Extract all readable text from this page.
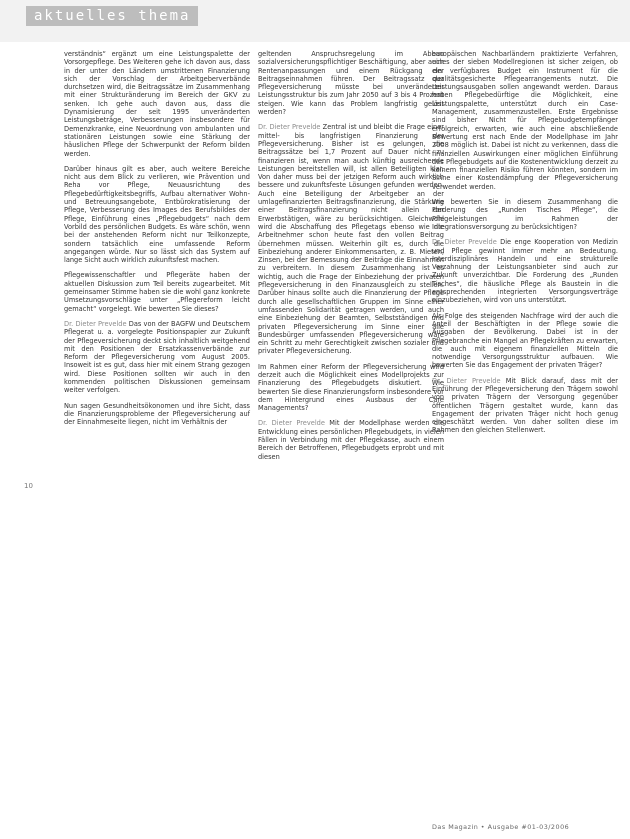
aktuelles thema

verständnis“ ergänzt um eine Leistungspalette der Vorsorgepflege. Des Weiteren gehe ich davon aus, dass in der unter den Ländern umstrittenen Finanzierung sich der Vorschlag der Arbeitgeberverbände durchsetzen wird, die Beitragssätze im Zusammenhang mit einer Strukturänderung im Bereich der GKV zu senken. Ich gehe auch davon aus, dass die Dynamisierung der seit 1995 unveränderten Leistungsbeträge, Verbesserungen insbesondere für Demenzkranke, eine Neuordnung von ambulanten und stationären Leistungen sowie eine Stärkung der häuslichen Pflege der Schwerpunkt der Reform bilden werden.

Darüber hinaus gilt es aber, auch weitere Bereiche nicht aus dem Blick zu verlieren, wie Prävention und Reha vor Pflege, Neuausrichtung des Pflegebedürftigkeitsbegriffs, Aufbau alternativer Wohn- und Betreuungsangebote, Entbürokratisierung der Pflege, Verbesserung des Images des Berufsbildes der Pflege, Einführung eines „Pflegebudgets“ nach dem Vorbild des persönlichen Budgets. Es wäre schön, wenn bei der anstehenden Reform nicht nur Teilkonzepte, sondern tatsächlich eine umfassende Reform angegangen würde. Nur so lässt sich das System auf lange Sicht auch wirklich zukunftsfest machen.

Pflegewissenschaftler und Pflegeräte haben der aktuellen Diskussion zum Teil bereits zugearbeitet. Mit gemeinsamer Stimme haben sie die wohl ganz konkrete Umsetzungsvorschläge unter „Pflegereform leicht gemacht“ vorgelegt. Wie bewerten Sie dieses?

Dr. Dieter Prevelde Das von der BAGFW und Deutschem Pflegerat u. a. vorgelegte Positionspapier zur Zukunft der Pflegeversicherung deckt sich inhaltlich weitgehend mit den Positionen der Ersatzkassenverbände zur Reform der Pflegeversicherung vom August 2005. Insoweit ist es gut, dass hier mit einem Strang gezogen wird. Diese Positionen sollten wir auch in den kommenden politischen Diskussionen gemeinsam weiter verfolgen.

Nun sagen Gesundheitsökonomen und ihre Sicht, dass die Finanzierungsprobleme der Pflegeversicherung auf der Einnahmeseite liegen, nicht im Verhältnis der

geltenden Anspruchsregelung im Abbau sozialversicherungspflichtiger Beschäftigung, aber auch Rentenanpassungen und einem Rückgang der Beitragseinnahmen führen. Der Beitragssatz der Pflegeversicherung müsste bei unveränderter Leistungsstruktur bis zum Jahr 2050 auf 3 bis 4 Prozent steigen. Wie kann das Problem langfristig gelöst werden?

Dr. Dieter Prevelde Zentral ist und bleibt die Frage einer mittel- bis langfristigen Finanzierung der Pflegeversicherung. Bisher ist es gelungen, die Beitragssätze bei 1,7 Prozent auf Dauer nicht zu finanzieren ist, wenn man auch künftig ausreichende Leistungen bereitstellen will, ist allen Beteiligten klar. Von daher muss bei der jetzigen Reform auch wirklich bessere und zukunftsfeste Lösungen gefunden werden. Auch eine Beteiligung der Arbeitgeber an der umlagefinanzierten Beitragsfinanzierung, die Stärkung einer Beitragsfinanzierung nicht allein der Erwerbstätigen, wäre zu berücksichtigen. Gleichwohl wird die Abschaffung des Pflegetags ebenso wie die Arbeitnehmer schon heute fast den vollen Beitrag übernehmen müssen. Weiterhin gilt es, durch die Einbeziehung anderer Einkommensarten, z. B. Mieten, Zinsen, bei der Bemessung der Beiträge die Einnahmen zu verbreitern. In diesem Zusammenhang ist es wichtig, auch die Frage der Einbeziehung der privaten Pflegeversicherung in den Finanzausgleich zu stellen. Darüber hinaus sollte auch die Finanzierung der Pflege durch alle gesellschaftlichen Gruppen im Sinne einer umfassenden Solidarität getragen werden, und auch eine Einbeziehung der Beamten, Selbstständigen und privaten Pflegeversicherung im Sinne einer alle Bundesbürger umfassenden Pflegeversicherung wäre ein Schritt zu mehr Gerechtigkeit zwischen sozialer und privater Pflegeversicherung.

Im Rahmen einer Reform der Pflegeversicherung wird derzeit auch die Möglichkeit eines Modellprojekts zur Finanzierung des Pflegebudgets diskutiert. Wie bewerten Sie diese Finanzierungsform insbesondere vor dem Hintergrund eines Ausbaus der Care Managements?

Dr. Dieter Prevelde Mit der Modellphase werden die Entwicklung eines persönlichen Pflegebudgets, in vielen Fällen in Verbindung mit der Pflegekasse, auch einem Bereich der Betroffenen, Pflegebudgets erprobt und mit diesen

europäischen Nachbarländern praktizierte Verfahren, eines der sieben Modellregionen ist sicher zeigen, ob ein verfügbares Budget ein Instrument für die qualitätsgesicherte Pflegearrangements nutzt. Die Leistungsausgaben sollen angewandt werden. Daraus haben Pflegebedürftige die Möglichkeit, eine Leistungspalette, unterstützt durch ein Case-Management, zusammenzustellen. Erste Ergebnisse sind bisher Nicht für Pflegebudgetempfänger erfolgreich, erwarten, wie auch eine abschließende Bewertung erst nach Ende der Modellphase im Jahr 2008 möglich ist. Dabei ist nicht zu verkennen, dass die finanziellen Auswirkungen einer möglichen Einführung des Pflegebudgets auf die Kostenentwicklung derzeit zu keinem finanziellen Risiko führen könnten, sondern im Sinne einer Kostendämpfung der Pflegeversicherung verwendet werden.

Wie bewerten Sie in diesem Zusammenhang die Forderung des „Runden Tisches Pflege“, die Pflegeleistungen im Rahmen der Integrationsversorgung zu berücksichtigen?

Dr. Dieter Prevelde Die enge Kooperation von Medizin und Pflege gewinnt immer mehr an Bedeutung. Interdisziplinäres Handeln und eine strukturelle Verzahnung der Leistungsanbieter sind auch zur Zukunft unverzichtbar. Die Forderung des „Runden Tisches“, die häusliche Pflege als Baustein in die entsprechenden integrierten Versorgungsverträge einzubeziehen, wird von uns unterstützt.

Als Folge des steigenden Nachfrage wird der auch die Anteil der Beschäftigten in der Pflege sowie die Ausgaben der Bevölkerung. Dabei ist in der Pflegebranche ein Mangel an Pflegekräften zu erwarten, die auch mit eigenem finanziellen Mitteln die notwendige Versorgungsstruktur aufbauen. Wie bewerten Sie das Engagement der privaten Träger?

Dr. Dieter Prevelde Mit Blick darauf, dass mit der Einführung der Pflegeversicherung den Trägern sowohl von privaten Trägern der Versorgung gegenüber öffentlichen Trägern gestaltet wurde, kann das Engagement der privaten Träger nicht hoch genug eingeschätzt werden. Von daher sollten diese im Rahmen den gleichen Stellenwert.

10
Das Magazin • Ausgabe #01-03/2006
